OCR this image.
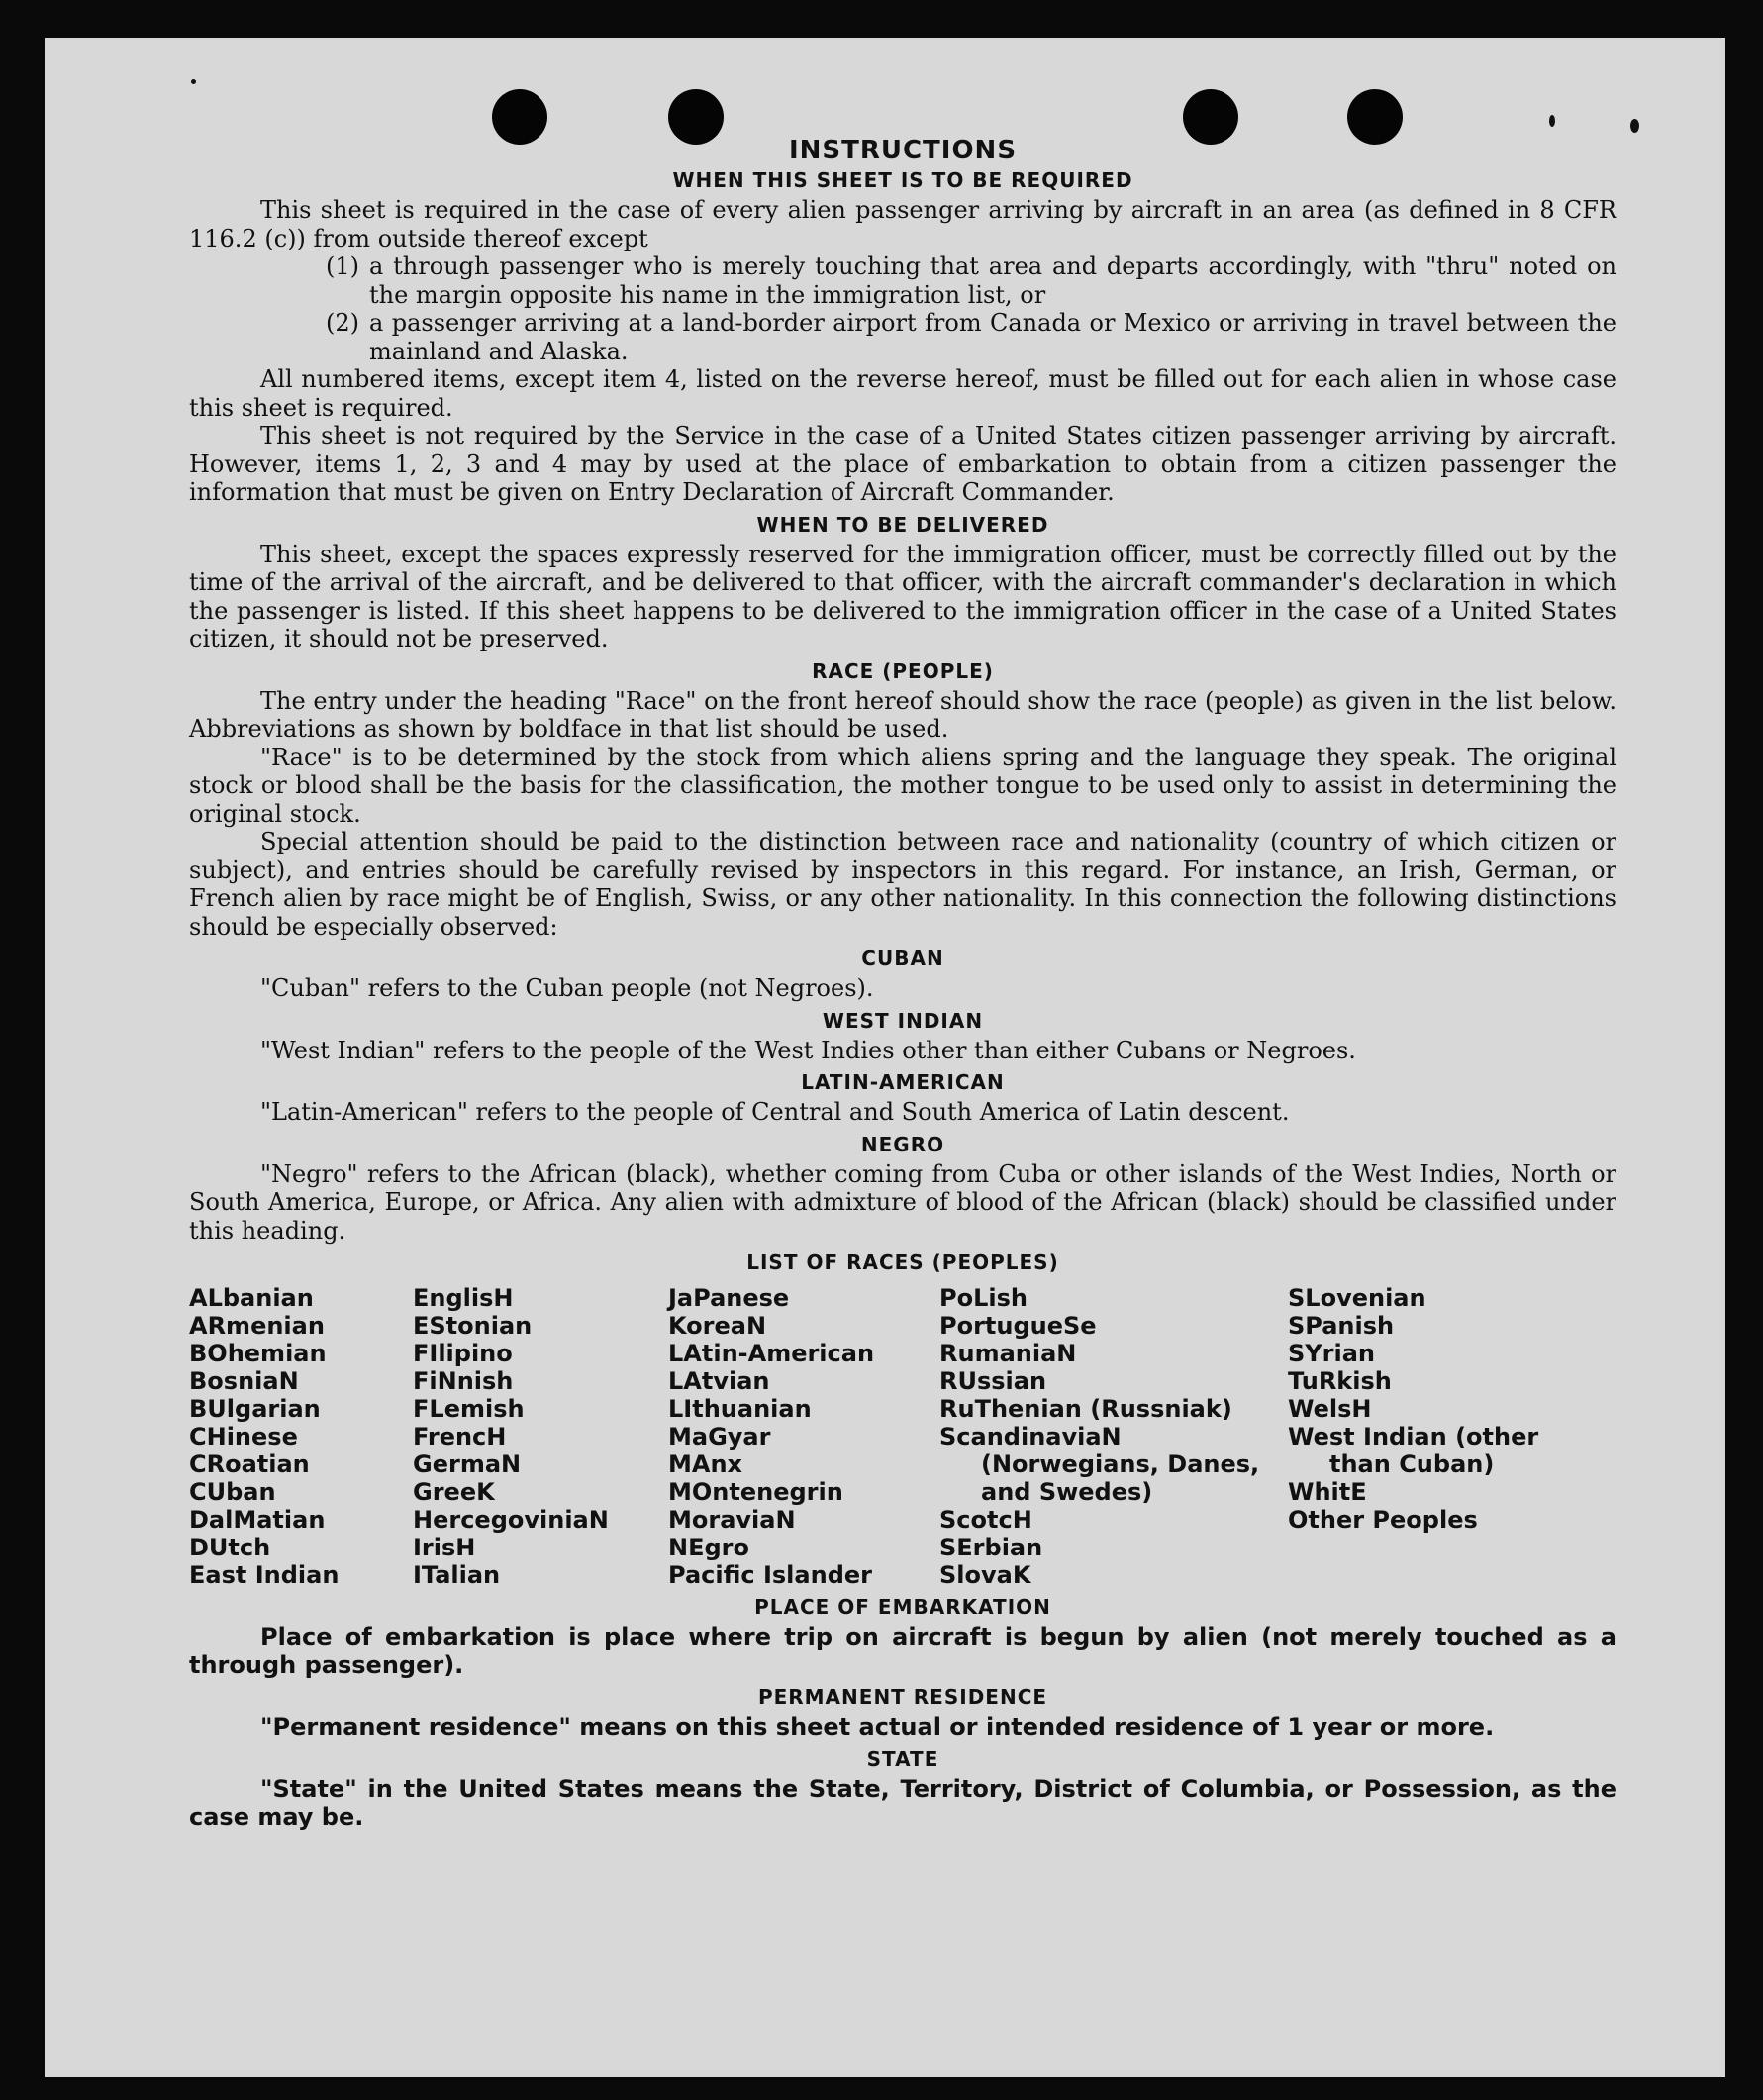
INSTRUCTIONS
WHEN THIS SHEET IS TO BE REQUIRED

This sheet is required in the case of every alien passenger arriving by aircraft in an area (as defined in 8 CFR 116.2 (c)) from outside thereof except

(1) a through passenger who is merely touching that area and departs accordingly, with "thru" noted on the margin opposite his name in the immigration list, or
(2) a passenger arriving at a land-border airport from Canada or Mexico or arriving in travel between the mainland and Alaska.

All numbered items, except item 4, listed on the reverse hereof, must be filled out for each alien in whose case this sheet is required.

This sheet is not required by the Service in the case of a United States citizen passenger arriving by aircraft. However, items 1, 2, 3 and 4 may by used at the place of embarkation to obtain from a citizen passenger the information that must be given on Entry Declaration of Aircraft Commander.

WHEN TO BE DELIVERED

This sheet, except the spaces expressly reserved for the immigration officer, must be correctly filled out by the time of the arrival of the aircraft, and be delivered to that officer, with the aircraft commander's declaration in which the passenger is listed. If this sheet happens to be delivered to the immigration officer in the case of a United States citizen, it should not be preserved.

RACE (PEOPLE)

The entry under the heading "Race" on the front hereof should show the race (people) as given in the list below. Abbreviations as shown by boldface in that list should be used.

"Race" is to be determined by the stock from which aliens spring and the language they speak. The original stock or blood shall be the basis for the classification, the mother tongue to be used only to assist in determining the original stock.

Special attention should be paid to the distinction between race and nationality (country of which citizen or subject), and entries should be carefully revised by inspectors in this regard. For instance, an Irish, German, or French alien by race might be of English, Swiss, or any other nationality. In this connection the following distinctions should be especially observed:

CUBAN
"Cuban" refers to the Cuban people (not Negroes).
WEST INDIAN
"West Indian" refers to the people of the West Indies other than either Cubans or Negroes.
LATIN-AMERICAN
"Latin-American" refers to the people of Central and South America of Latin descent.
NEGRO

"Negro" refers to the African (black), whether coming from Cuba or other islands of the West Indies, North or South America, Europe, or Africa. Any alien with admixture of blood of the African (black) should be classified under this heading.

LIST OF RACES (PEOPLES)
ALbanian
ARmenian
BOhemian
BosniaN
BUlgarian
CHinese
CRoatian
CUban
DalMatian
DUtch
East Indian
EnglisH
EStonian
FIlipino
FiNnish
FLemish
FrencH
GermaN
GreeK
HercegoviniaN
IrisH
ITalian
JaPanese
KoreaN
LAtin-American
LAtvian
LIthuanian
MaGyar
MAnx
MOntenegrin
MoraviaN
NEgro
Pacific Islander
PoLish
PortugueSe
RumaniaN
RUssian
RuThenian (Russniak)
ScandinaviaN (Norwegians, Danes, and Swedes)
ScotcH
SErbian
SlovaK
SLovenian
SPanish
SYrian
TuRkish
WelsH
West Indian (other than Cuban)
WhitE
Other Peoples
PLACE OF EMBARKATION

Place of embarkation is place where trip on aircraft is begun by alien (not merely touched as a through passenger).

PERMANENT RESIDENCE
"Permanent residence" means on this sheet actual or intended residence of 1 year or more.
STATE

"State" in the United States means the State, Territory, District of Columbia, or Possession, as the case may be.
